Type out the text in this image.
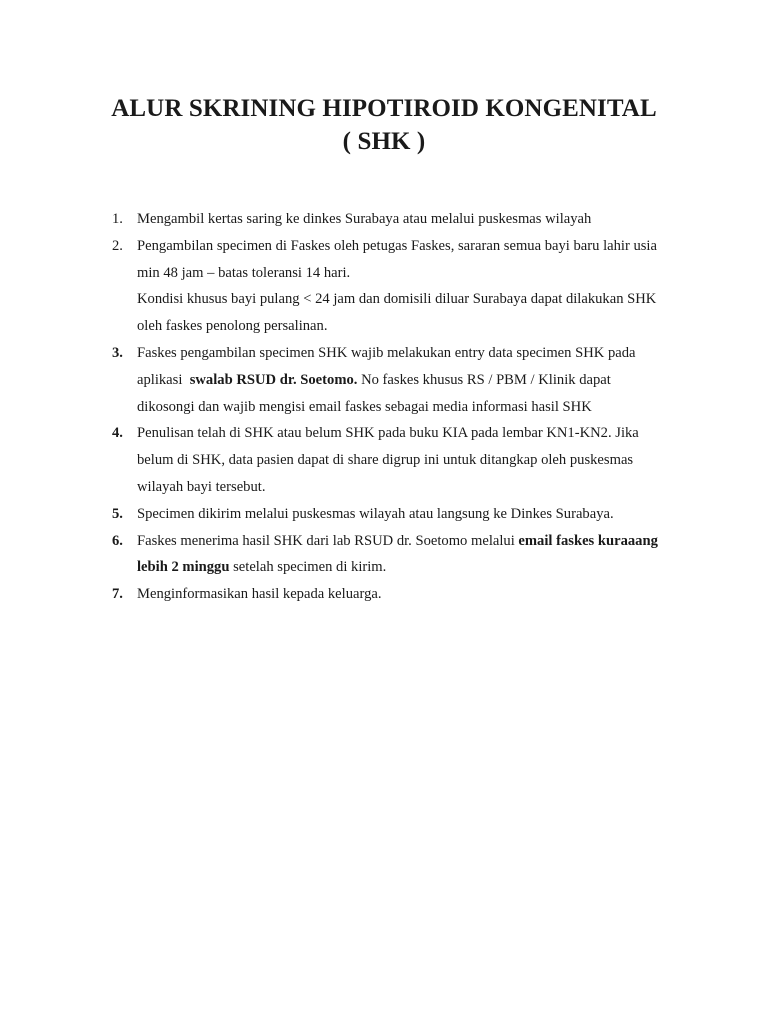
ALUR SKRINING HIPOTIROID KONGENITAL
( SHK )
1. Mengambil kertas saring ke dinkes Surabaya atau melalui puskesmas wilayah
2. Pengambilan specimen di Faskes oleh petugas Faskes, sararan semua bayi baru lahir usia
min 48 jam – batas toleransi 14 hari.
Kondisi khusus bayi pulang < 24 jam dan domisili diluar Surabaya dapat dilakukan SHK
oleh faskes penolong persalinan.
3. Faskes pengambilan specimen SHK wajib melakukan entry data specimen SHK pada
aplikasi  swalab RSUD dr. Soetomo. No faskes khusus RS / PBM / Klinik dapat
dikosongi dan wajib mengisi email faskes sebagai media informasi hasil SHK
4. Penulisan telah di SHK atau belum SHK pada buku KIA pada lembar KN1-KN2. Jika
belum di SHK, data pasien dapat di share digrup ini untuk ditangkap oleh puskesmas
wilayah bayi tersebut.
5. Specimen dikirim melalui puskesmas wilayah atau langsung ke Dinkes Surabaya.
6. Faskes menerima hasil SHK dari lab RSUD dr. Soetomo melalui email faskes kuraaang
lebih 2 minggu setelah specimen di kirim.
7. Menginformasikan hasil kepada keluarga.
